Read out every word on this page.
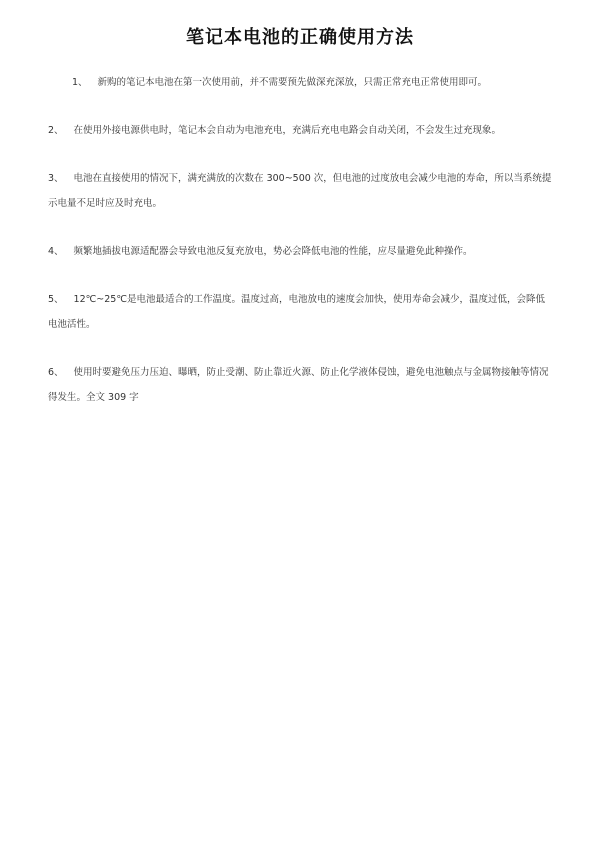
笔记本电池的正确使用方法
1、 新购的笔记本电池在第一次使用前，并不需要预先做深充深放，只需正常充电正常使用即可。
2、 在使用外接电源供电时，笔记本会自动为电池充电，充满后充电电路会自动关闭，不会发生过充现象。
3、 电池在直接使用的情况下，满充满放的次数在 300~500 次，但电池的过度放电会减少电池的寿命，所以当系统提示电量不足时应及时充电。
4、 频繁地插拔电源适配器会导致电池反复充放电，势必会降低电池的性能，应尽量避免此种操作。
5、 12℃~25℃是电池最适合的工作温度。温度过高，电池放电的速度会加快，使用寿命会减少，温度过低，会降低电池活性。
6、 使用时要避免压力压迫、曝晒，防止受潮、防止靠近火源、防止化学液体侵蚀，避免电池触点与金属物接触等情况得发生。全文 309 字
